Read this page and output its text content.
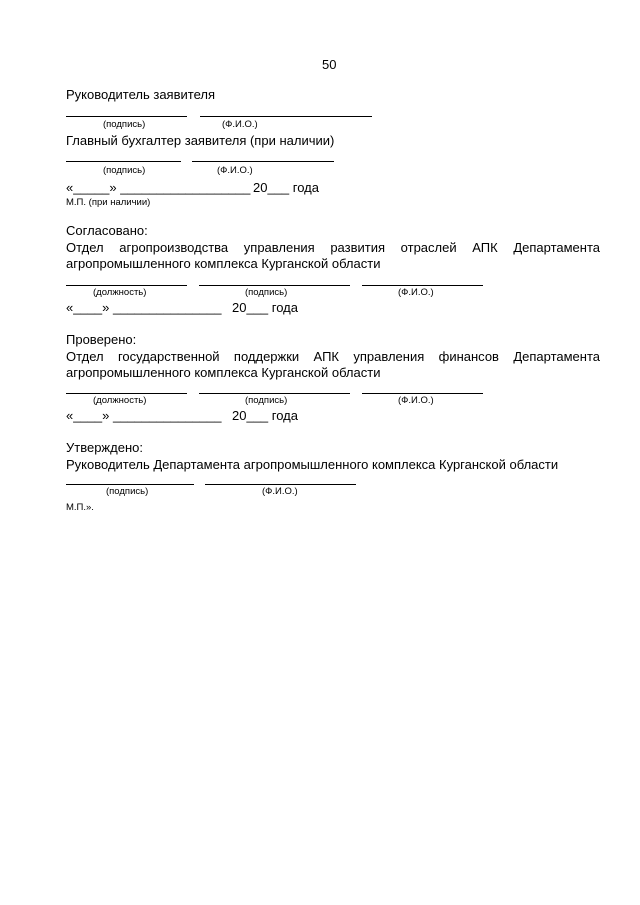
50
Руководитель заявителя
(подпись)	(Ф.И.О.)
Главный бухгалтер заявителя (при наличии)
(подпись)	(Ф.И.О.)
«_____» __________________ 20___ года
М.П. (при наличии)
Согласовано:
Отдел агропроизводства управления развития отраслей АПК Департамента
агропромышленного комплекса Курганской области
(должность)	(подпись)	(Ф.И.О.)
«____» _______________ 20___ года
Проверено:
Отдел государственной поддержки АПК управления финансов Департамента
агропромышленного комплекса Курганской области
(должность)	(подпись)	(Ф.И.О.)
«____» _______________ 20___ года
Утверждено:
Руководитель Департамента агропромышленного комплекса Курганской области
(подпись)	(Ф.И.О.)
М.П.».
